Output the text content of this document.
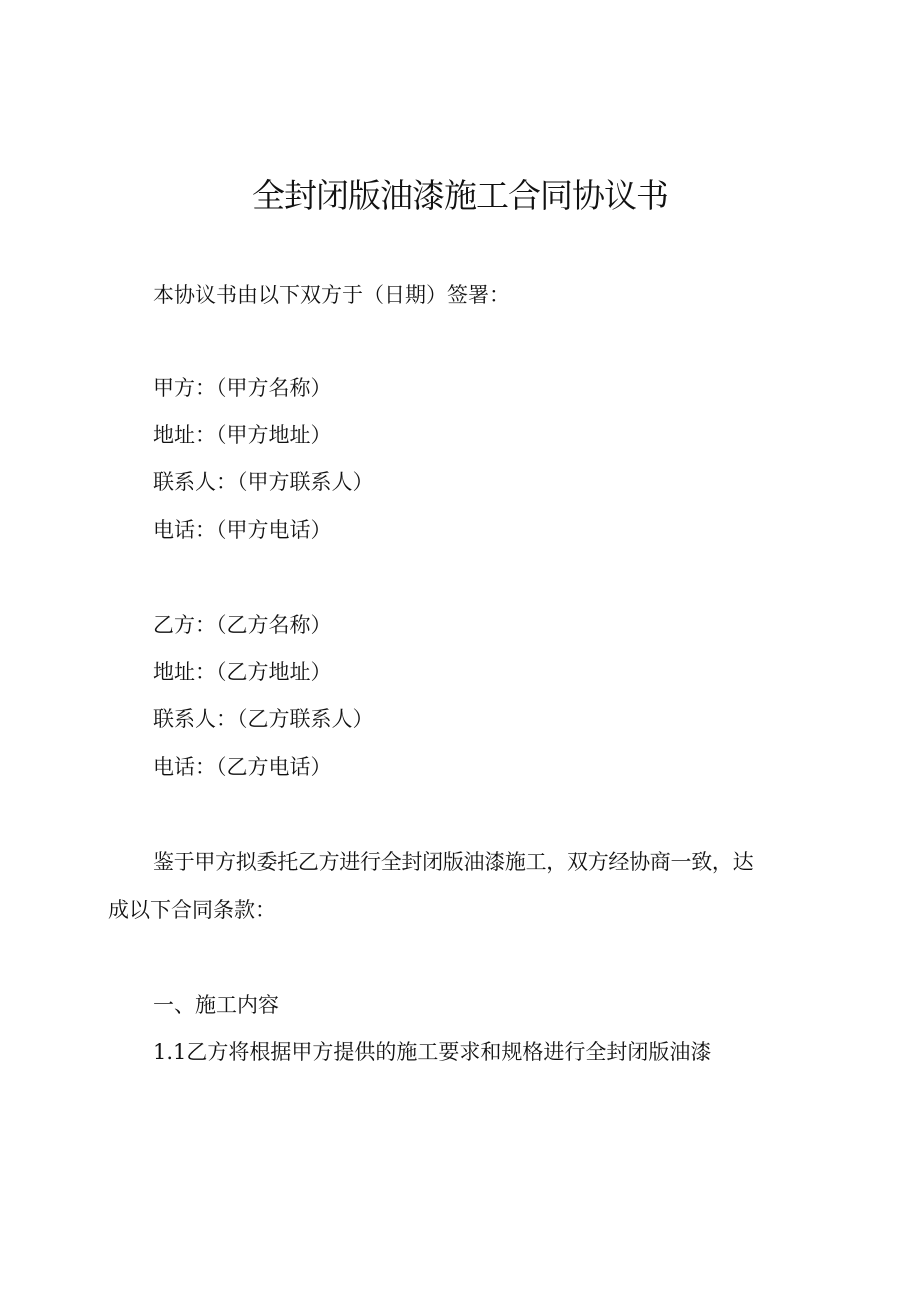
全封闭版油漆施工合同协议书
本协议书由以下双方于（日期）签署：
甲方：（甲方名称）
地址：（甲方地址）
联系人：（甲方联系人）
电话：（甲方电话）
乙方：（乙方名称）
地址：（乙方地址）
联系人：（乙方联系人）
电话：（乙方电话）
鉴于甲方拟委托乙方进行全封闭版油漆施工，双方经协商一致，达
成以下合同条款：
一、施工内容
1.1乙方将根据甲方提供的施工要求和规格进行全封闭版油漆
